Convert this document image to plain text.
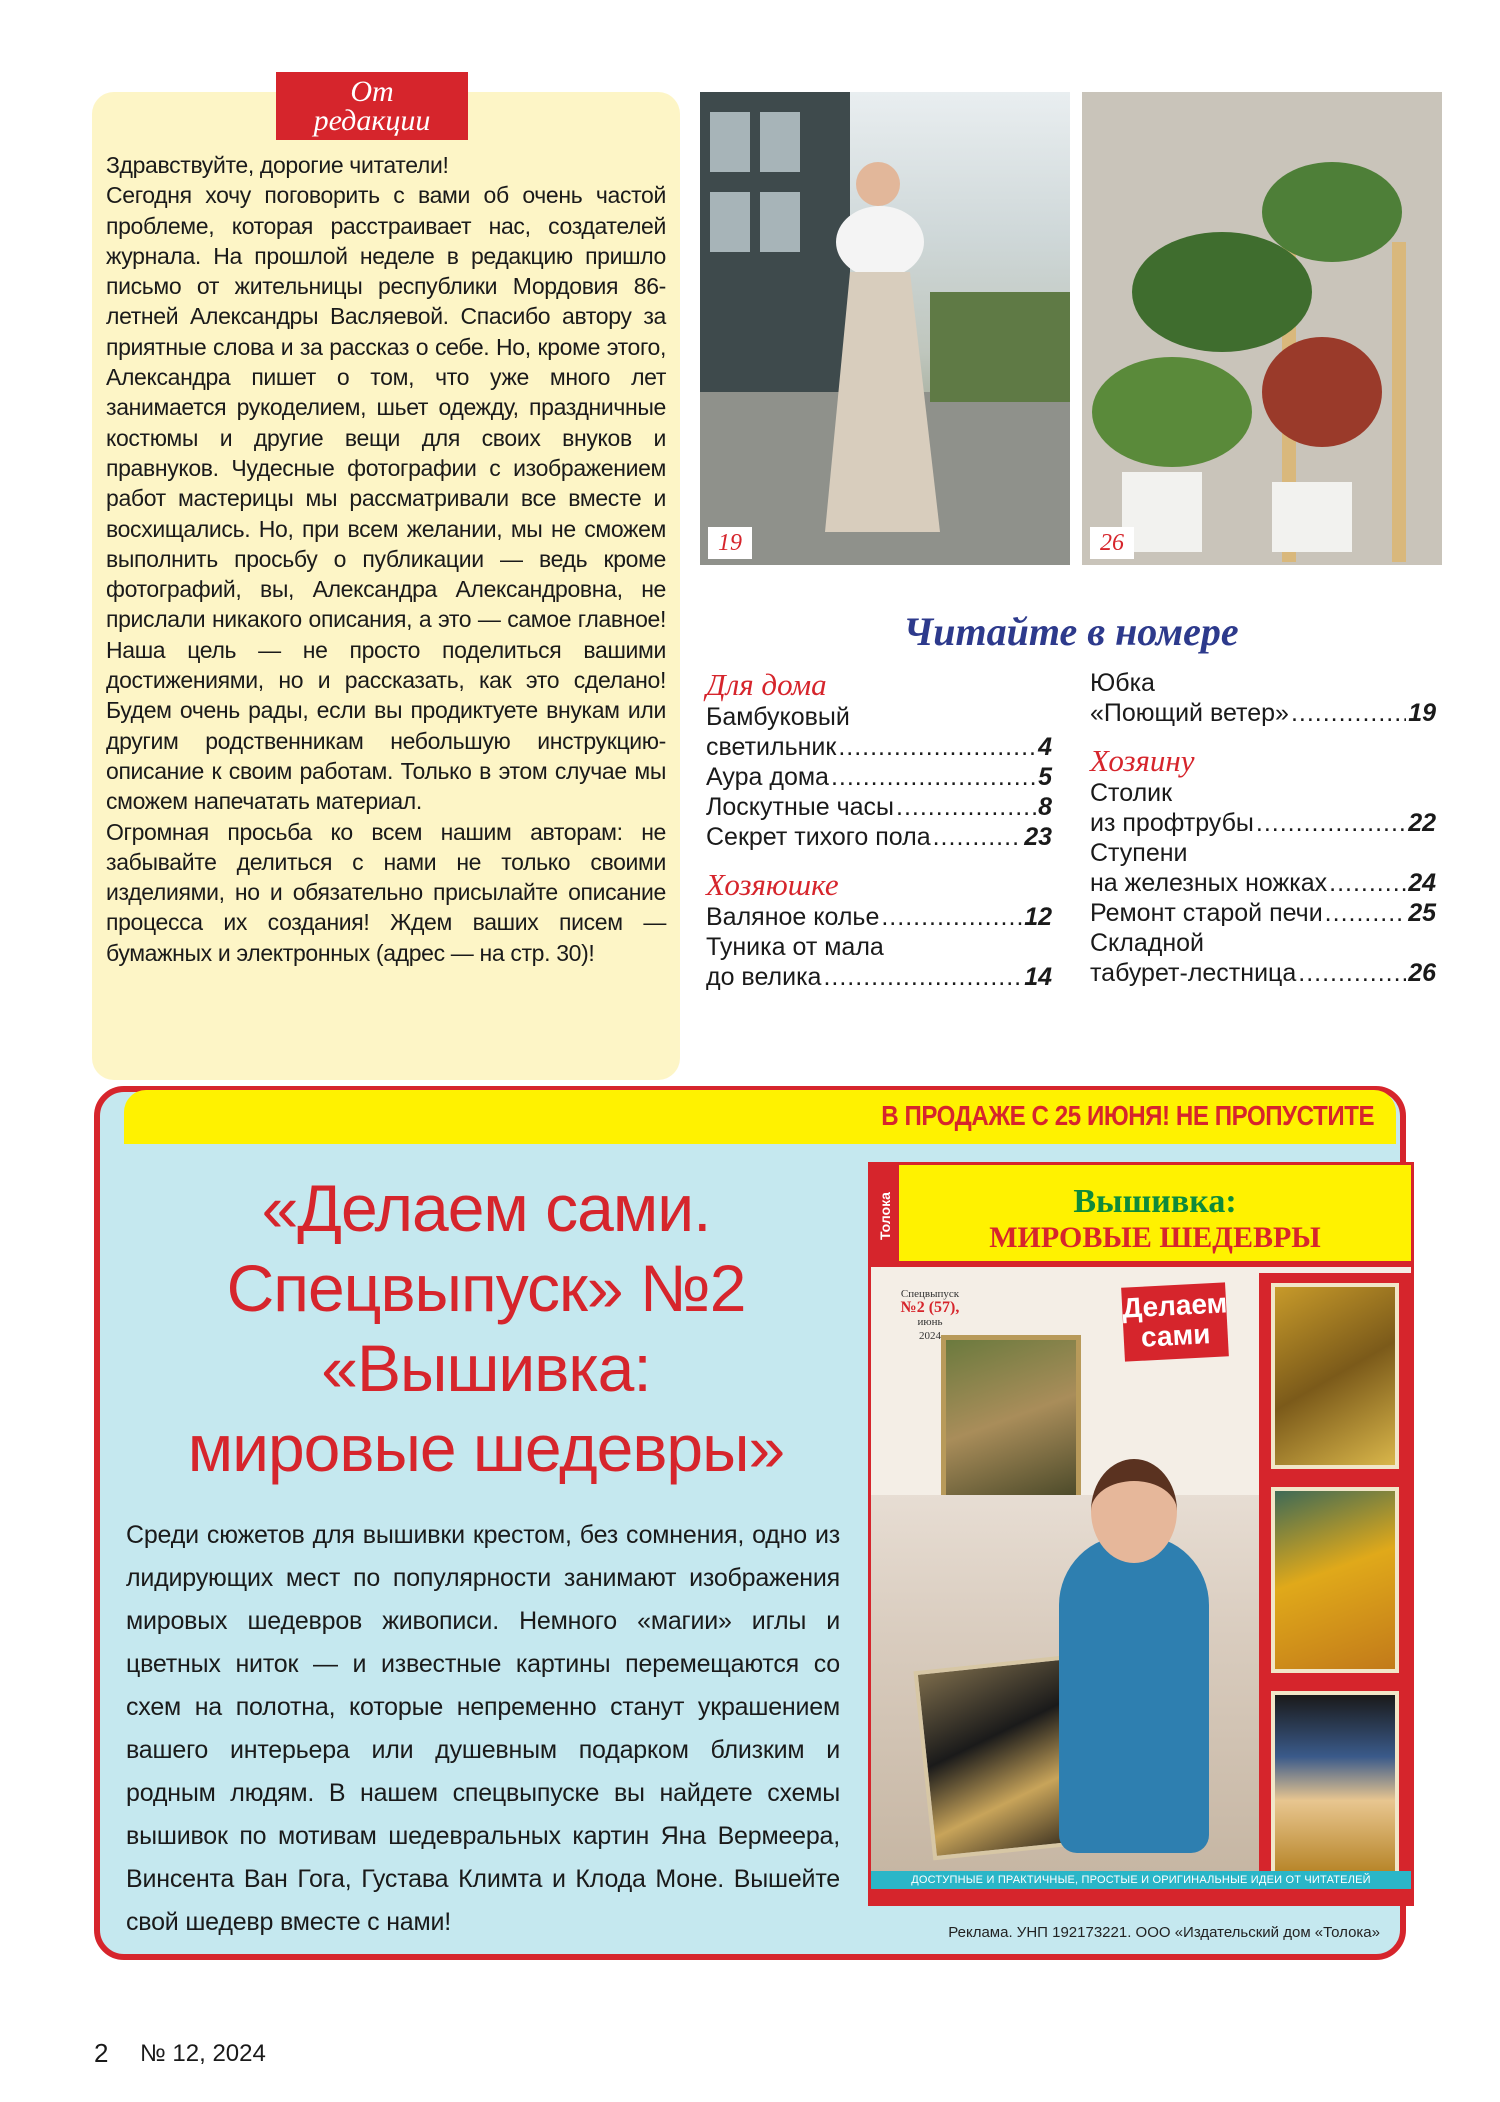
От
редакции

Здравствуйте, дорогие читатели!

Сегодня хочу поговорить с вами об очень частой проблеме, которая расстраивает нас, создателей журнала. На прошлой неделе в редакцию пришло письмо от жительницы республики Мордовия 86-летней Александры Васляевой. Спасибо автору за приятные слова и за рассказ о себе. Но, кроме этого, Александра пишет о том, что уже много лет занимается рукоделием, шьет одежду, праздничные костюмы и другие вещи для своих внуков и правнуков. Чудесные фотографии с изображением работ мастерицы мы рассматривали все вместе и восхищались. Но, при всем желании, мы не сможем выполнить просьбу о публикации — ведь кроме фотографий, вы, Александра Александровна, не прислали никакого описания, а это — самое главное! Наша цель — не просто поделиться вашими достижениями, но и рассказать, как это сделано! Будем очень рады, если вы продиктуете внукам или другим родственникам небольшую инструкцию-описание к своим работам. Только в этом случае мы сможем напечатать материал.

Огромная просьба ко всем нашим авторам: не забывайте делиться с нами не только своими изделиями, но и обязательно присылайте описание процесса их создания! Ждем ваших писем — бумажных и электронных (адрес — на стр. 30)!

19	26
Читайте в номере
Для дома
Бамбуковый
светильник .....	4
Аура дома .....	5
Лоскутные часы .....	8
Секрет тихого пола .....	23
Хозяюшке
Валяное колье .....	12
Туника от мала
до велика .....	14
Юбка
«Поющий ветер» .....	19
Хозяину
Столик
из профтрубы .....	22
Ступени
на железных ножках .....	24
Ремонт старой печи .....	25
Складной
табурет-лестница .....	26
В ПРОДАЖЕ С 25 ИЮНЯ! НЕ ПРОПУСТИТЕ

«Делаем сами.

Спецвыпуск» №2

«Вышивка:

мировые шедевры»

Среди сюжетов для вышивки крестом, без сомнения, одно из лидирующих мест по популярности занимают изображения мировых шедевров живописи. Немного «магии» иглы и цветных ниток — и известные картины перемещаются со схем на полотна, которые непременно станут украшением вашего интерьера или душевным подарком близким и родным людям. В нашем спецвыпуске вы найдете схемы вышивок по мотивам шедевральных картин Яна Вермеера, Винсента Ван Гога, Густава Климта и Клода Моне. Вышейте свой шедевр вместе с нами!
Толока	Вышивка:
МИРОВЫЕ ШЕДЕВРЫ
Спецвыпуск
№2 (57),
июнь
2024
Делаем
сами
ДОСТУПНЫЕ И ПРАКТИЧНЫЕ, ПРОСТЫЕ И ОРИГИНАЛЬНЫЕ ИДЕИ ОТ ЧИТАТЕЛЕЙ
Реклама. УНП 192173221. ООО «Издательский дом «Толока»
2 № 12, 2024
